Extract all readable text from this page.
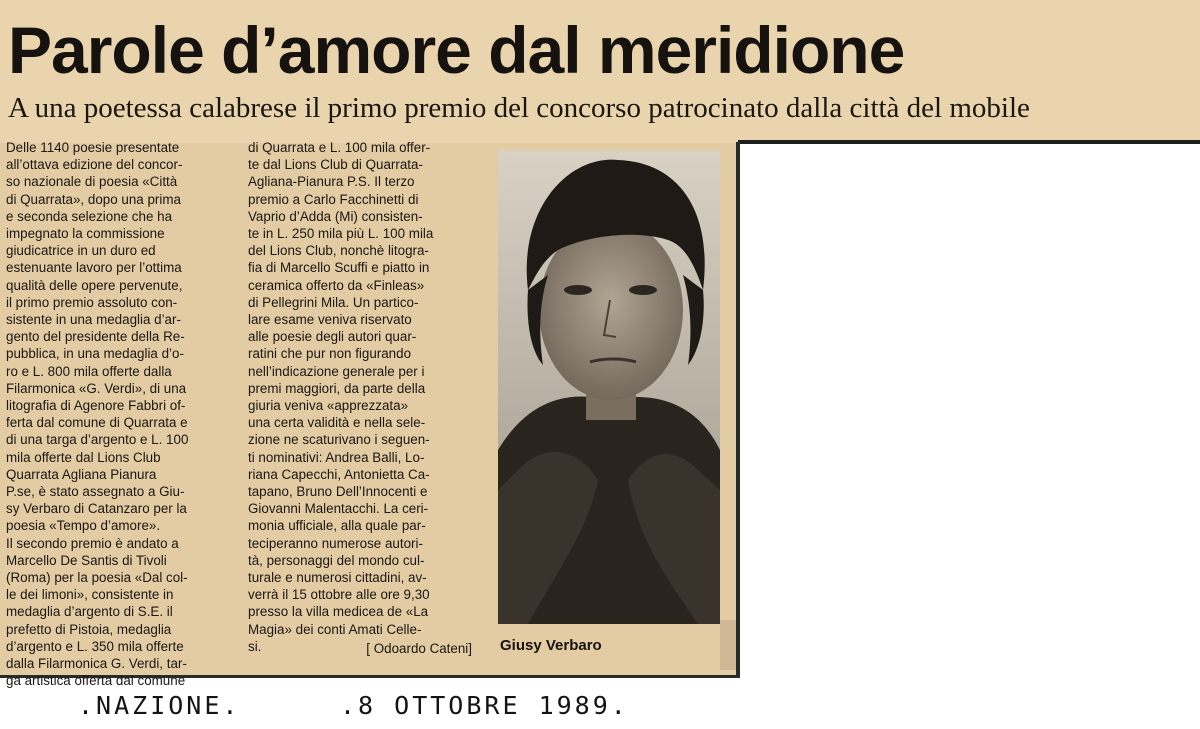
Parole d’amore dal meridione
A una poetessa calabrese il primo premio del concorso patrocinato dalla città del mobile
Delle 1140 poesie presentate
all’ottava edizione del concor-
so nazionale di poesia «Città
di Quarrata», dopo una prima
e seconda selezione che ha
impegnato la commissione
giudicatrice in un duro ed
estenuante lavoro per l’ottima
qualità delle opere pervenute,
il primo premio assoluto con-
sistente in una medaglia d’ar-
gento del presidente della Re-
pubblica, in una medaglia d’o-
ro e L. 800 mila offerte dalla
Filarmonica «G. Verdi», di una
litografia di Agenore Fabbri of-
ferta dal comune di Quarrata e
di una targa d’argento e L. 100
mila offerte dal Lions Club
Quarrata Agliana Pianura
P.se, è stato assegnato a Giu-
sy Verbaro di Catanzaro per la
poesia «Tempo d’amore».
Il secondo premio è andato a
Marcello De Santis di Tivoli
(Roma) per la poesia «Dal col-
le dei limoni», consistente in
medaglia d’argento di S.E. il
prefetto di Pistoia, medaglia
d’argento e L. 350 mila offerte
dalla Filarmonica G. Verdi, tar-
ga artistica offerta dal comune
di Quarrata e L. 100 mila offer-
te dal Lions Club di Quarrata-
Agliana-Pianura P.S. Il terzo
premio a Carlo Facchinetti di
Vaprio d’Adda (Mi) consisten-
te in L. 250 mila più L. 100 mila
del Lions Club, nonchè litogra-
fia di Marcello Scuffi e piatto in
ceramica offerto da «Finleas»
di Pellegrini Mila. Un partico-
lare esame veniva riservato
alle poesie degli autori quar-
ratini che pur non figurando
nell’indicazione generale per i
premi maggiori, da parte della
giuria veniva «apprezzata»
una certa validità e nella sele-
zione ne scaturivano i seguen-
ti nominativi: Andrea Balli, Lo-
riana Capecchi, Antonietta Ca-
tapano, Bruno Dell’Innocenti e
Giovanni Malentacchi. La ceri-
monia ufficiale, alla quale par-
teciperanno numerose autori-
tà, personaggi del mondo cul-
turale e numerosi cittadini, av-
verrà il 15 ottobre alle ore 9,30
presso la villa medicea de «La
Magia» dei conti Amati Celle-
si.	[ Odoardo Cateni] Giusy Verbaro
.NAZIONE.	.8 OTTOBRE 1989.
